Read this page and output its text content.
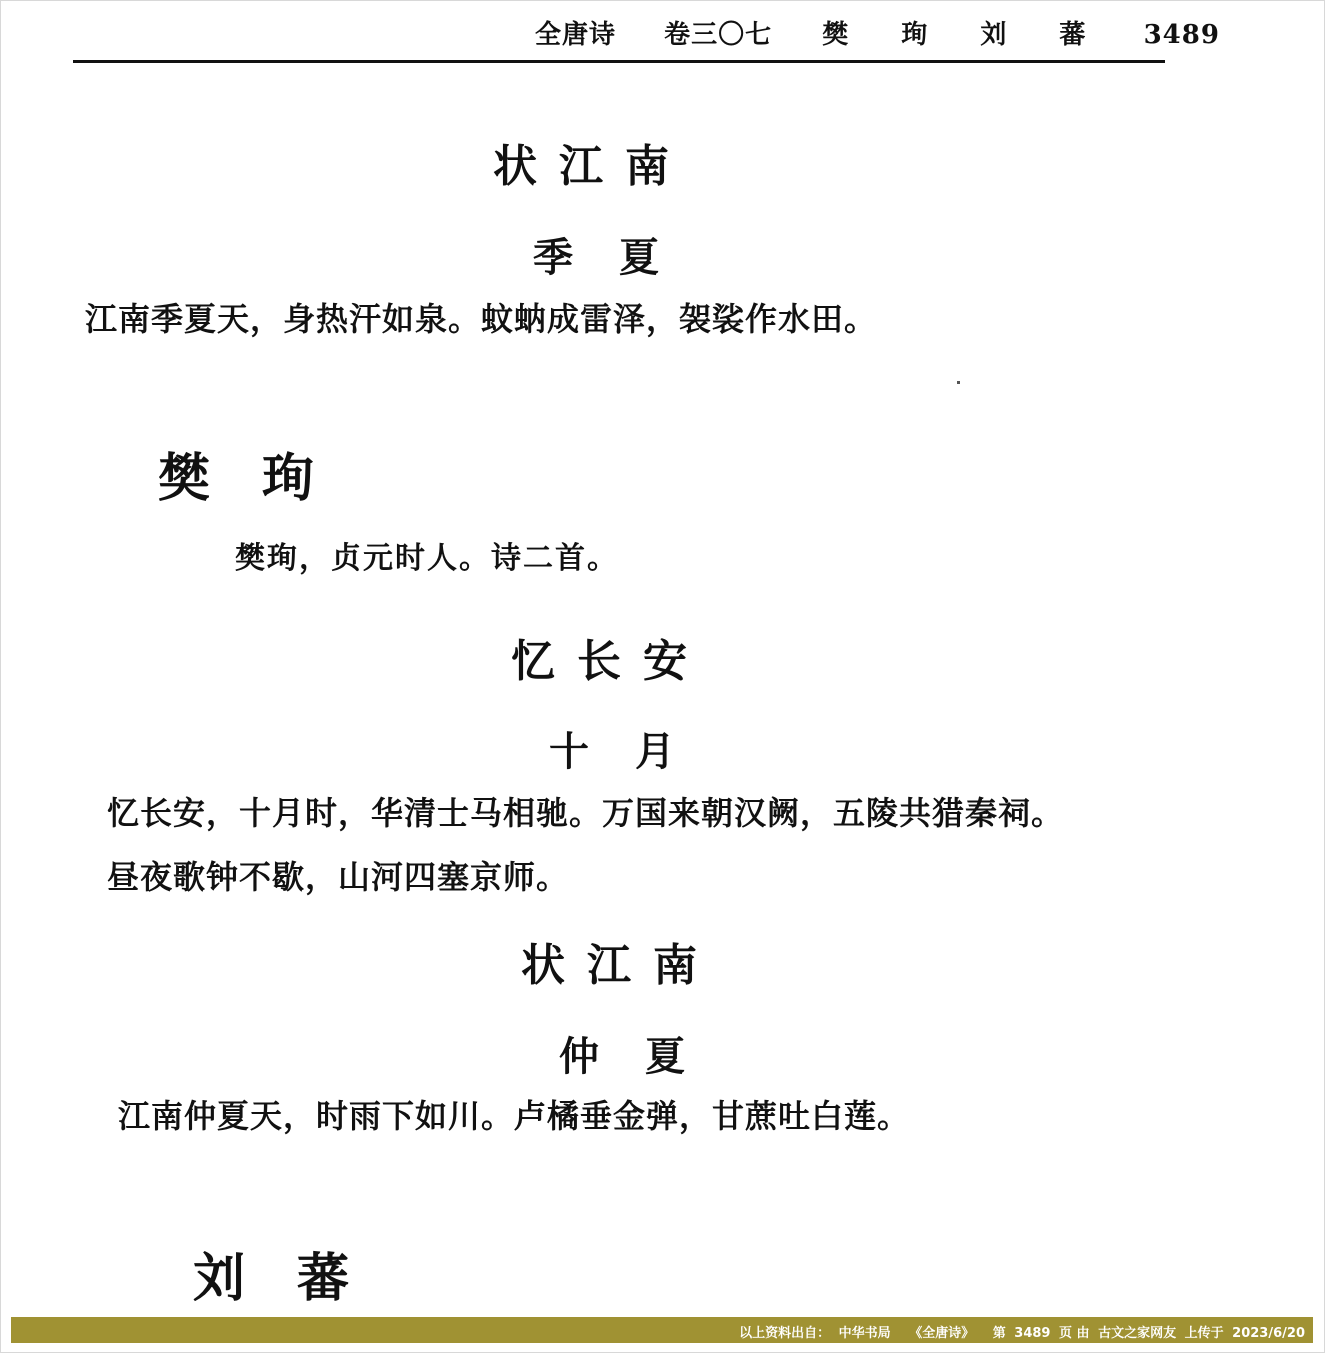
全唐诗 卷三〇七 樊 珣 刘 蕃 3489
状江南
季夏
江南季夏天，身热汗如泉。蚊蚋成雷泽，袈裟作水田。
樊珣
樊珣，贞元时人。诗二首。
忆长安
十月
忆长安，十月时，华清士马相驰。万国来朝汉阙，五陵共猎秦祠。
昼夜歌钟不歇，山河四塞京师。
状江南
仲夏
江南仲夏天，时雨下如川。卢橘垂金弹，甘蔗吐白莲。
刘蕃
以上资料出自： 中华书局 《全唐诗》 第 3489 页 由 古文之家网友 上传于 2023/6/20
